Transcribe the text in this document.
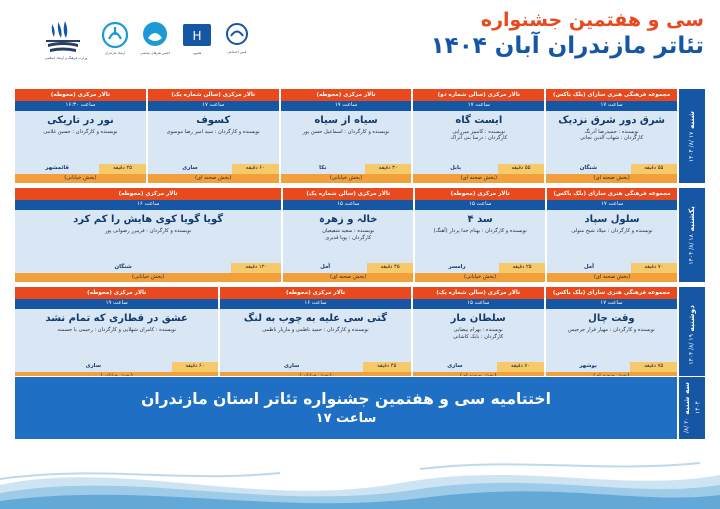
وزارت فرهنگ و ارشاد اسلامی
ارشاد مازندران	انجمن هنرهای نمایشی
H
هامون	تامین اجتماعی
سی و هفتمین جشنواره
تئاتر مازندران آبان ۱۴۰۴
شنبه ۱۷ /۸/ ۱۴۰۴
مجموعه فرهنگی هنری سارای (بلک باکس)
ساعت ۱۷
شرق دور شرق نزدیک
نویسنده : حمیدرضا آذرنگ
کارگردان : شهاب الدین نجاتی
۵۵ دقیقه
شنگان
(بخش صحنه ای)
تالار مرکزی (سالن شماره دو)
ساعت ۱۷
ایست گاه
نویسنده : کامبیز میرزایی
کارگردان : درسا بنی آتراک
۵۵ دقیقه
بابل
(بخش صحنه ای)
تالار مرکزی (محوطه)
ساعت ۱۷
سیاه از سیاه
نویسنده و کارگردان : اسماعیل حسن پور
۳۰ دقیقه
نکا
(بخش خیابانی)
تالار مرکزی (سالن شماره یک)
ساعت ۱۷
کسوف
نویسنده و کارگردان : سید امیر رضا موسوی
۶۰ دقیقه
ساری
(بخش صحنه ای)
تالار مرکزی (محوطه)
ساعت ۱۶:۳۰
نور در تاریکی
نویسنده و کارگردان : حسین غلامی
۲۵ دقیقه
قائمشهر
(بخش خیابانی)
یکشنبه ۱۸ /۸/ ۱۴۰۴
مجموعه فرهنگی هنری سارای (بلک باکس)
ساعت ۱۷
سلول سپاد
نویسنده و کارگردان : میلاد شیخ متولی
۷۰ دقیقه
آمل
(بخش صحنه ای)
تالار مرکزی (محوطه)
ساعت ۱۵
سد ۴
نویسنده و کارگردان : بهنام خدا پرداز (آهنگ)
۲۵ دقیقه
رامسر
(بخش خیابانی)
تالار مرکزی (سالن شماره یک)
ساعت ۱۵
خالہ و زهرہ
نویسنده : سعید شفیعیان
کارگردان : پویا قدیری
۴۵ دقیقه
آمل
(بخش صحنه ای)
تالار مرکزی (محوطه)
ساعت ۱۶
گویا گویا کوی هایش را کم کرد
نویسنده و کارگردان : فریبرز رضوانی پور
۱۲۰ دقیقه
شنگان
(بخش خیابانی)
دوشنبه ۱۹ /۸/ ۱۴۰۴
مجموعه فرهنگی هنری سارای (بلک باکس)
ساعت ۱۷
وقت چال
نویسنده و کارگردان : مهیار فرار جرجیس
۷۵ دقیقه
بوشهر
تالار مرکزی (سالن شماره یک)
ساعت ۱۵
سلطان مار
نویسنده : بهرام بیضایی
کارگردان : بابک کاشانی
۷۰ دقیقه
ساری
تالار مرکزی (محوطه)
ساعت ۱۶
گتی سی علیه به چوب به لنگ
نویسنده و کارگردان : حمید ناظمی و مازیار ناظمی
۴۵ دقیقه
ساری
تالار مرکزی (محوطه)
ساعت ۱۹
عشق در قطاری که تمام نشد
نویسنده : کامران شهلایی و کارگردان : رحیمی با حسمنه
۶۰ دقیقه
ساری
سه شنبه ۲۰ /۸/ ۱۴۰۴
اختتامیه سی و هفتمین جشنواره تئاتر استان مازندران
ساعت ۱۷
